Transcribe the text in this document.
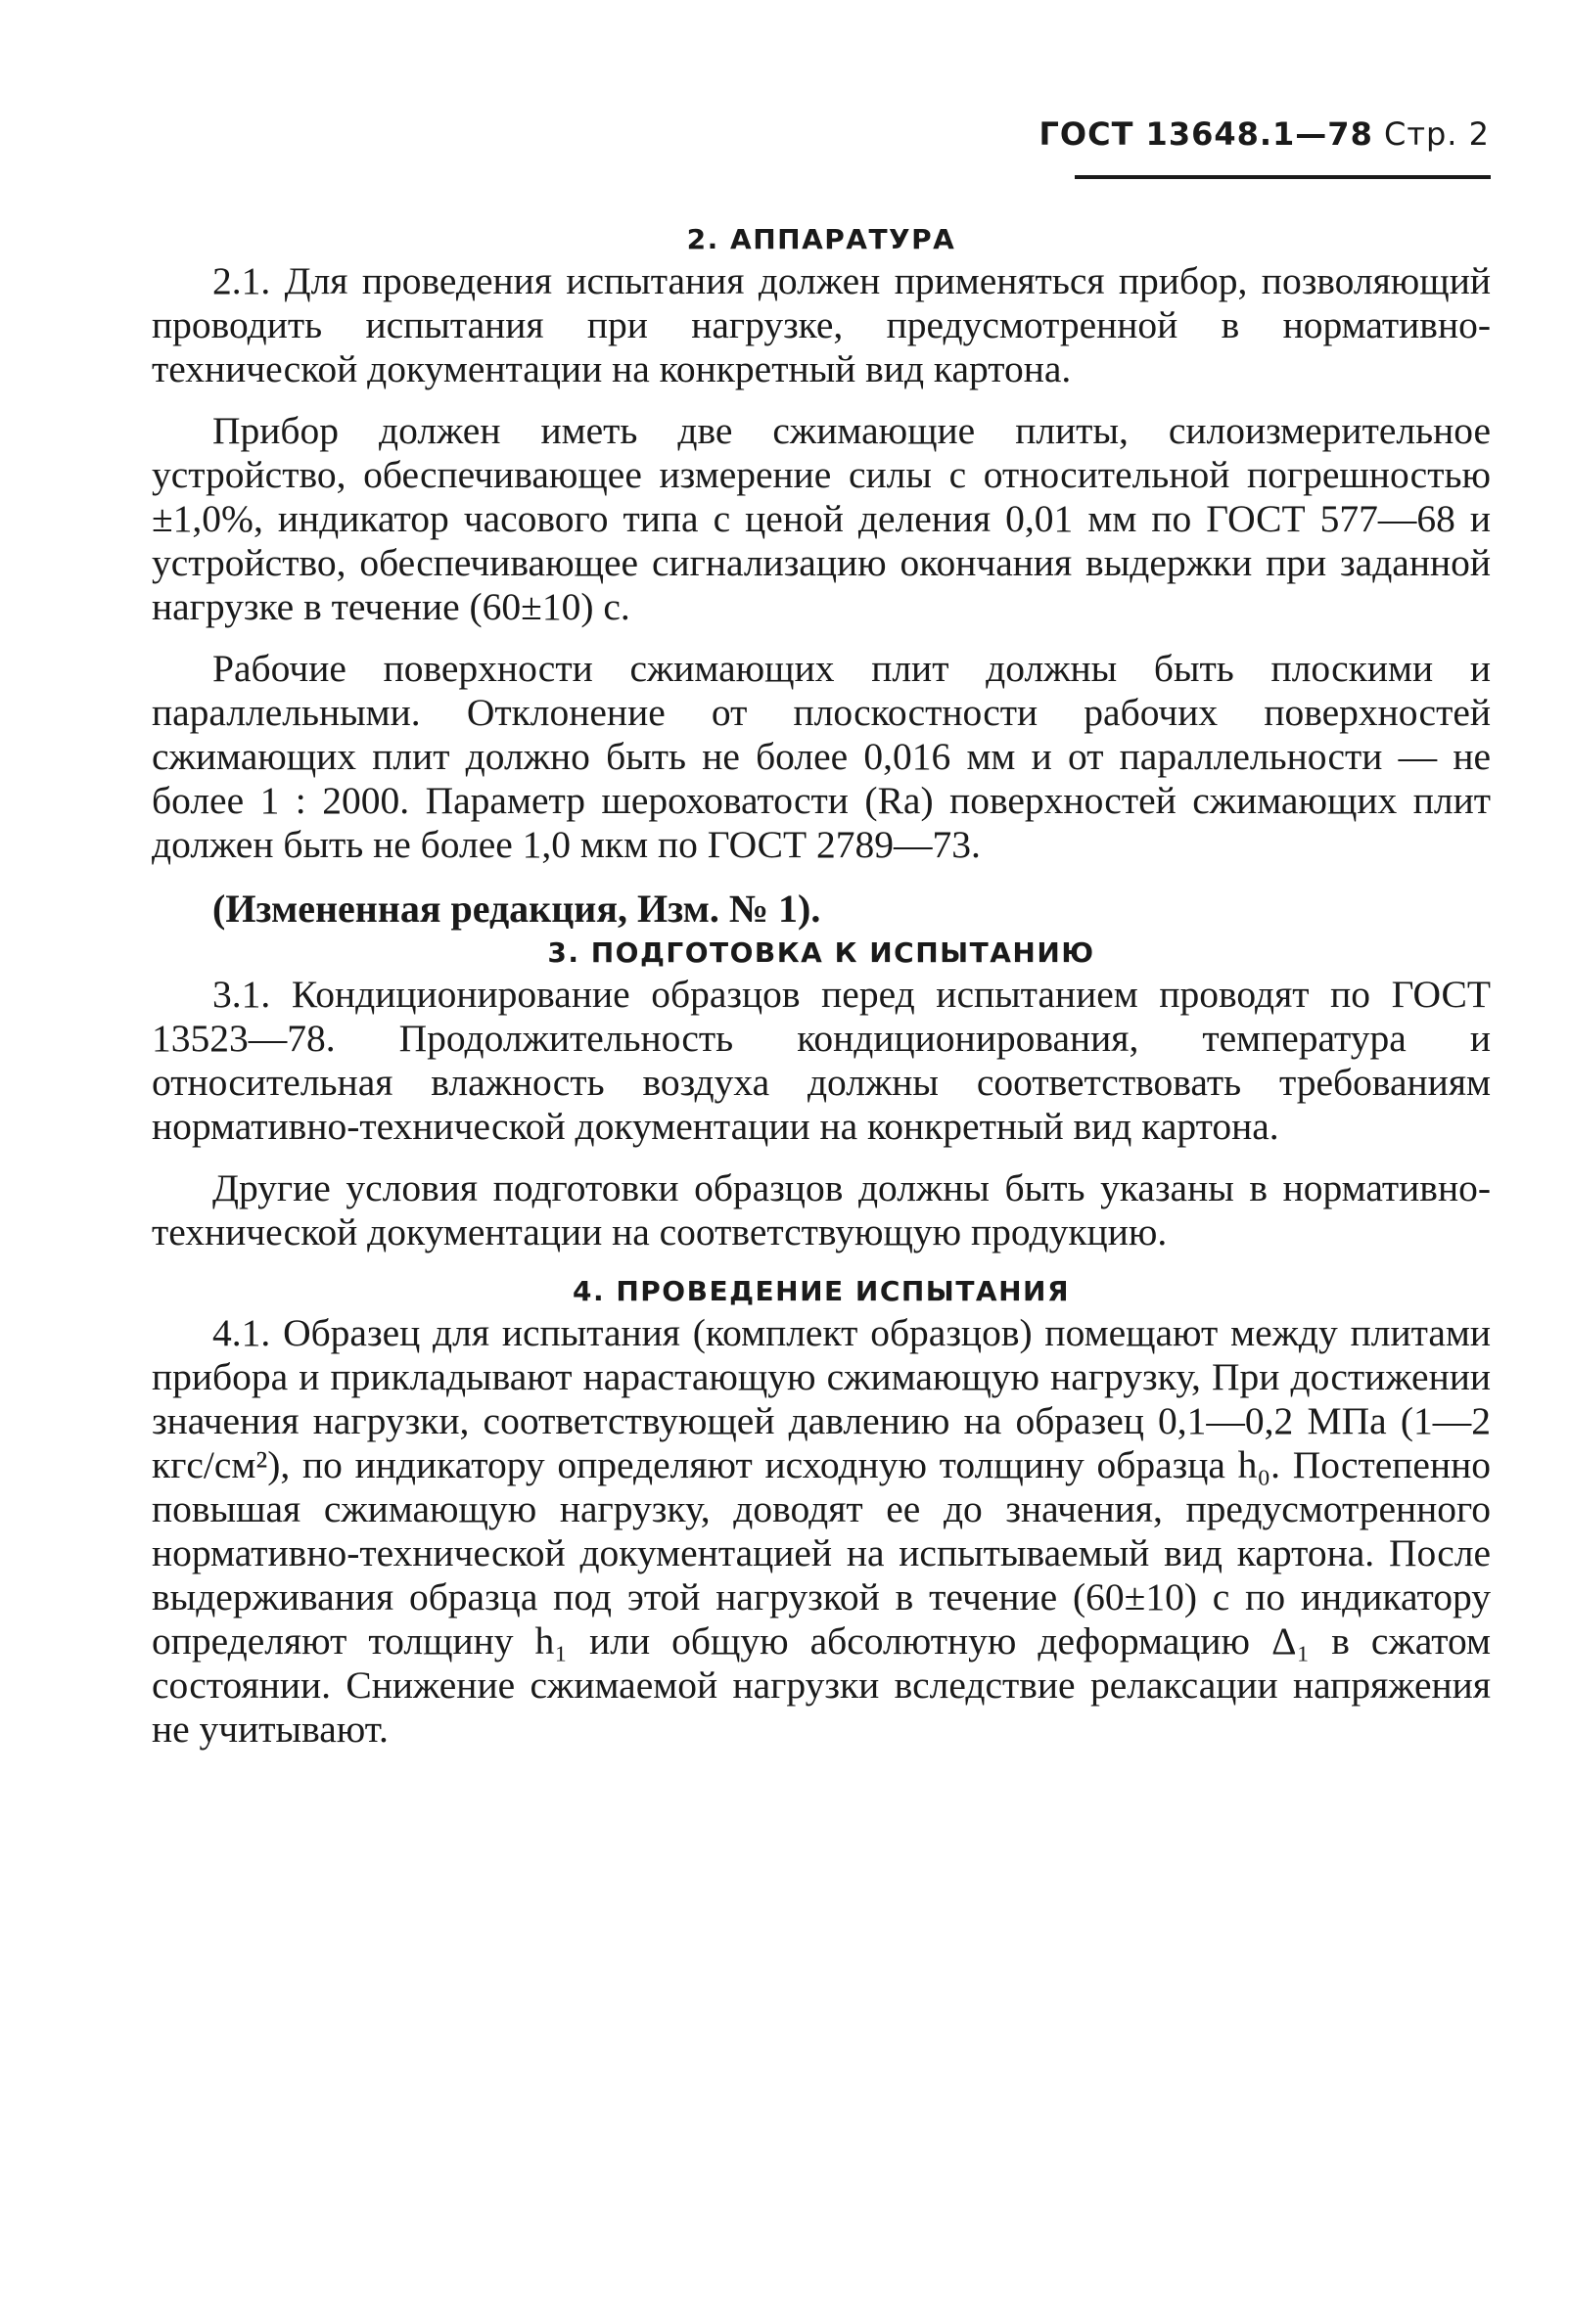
ГОСТ 13648.1—78 Стр. 2
2. АППАРАТУРА

2.1. Для проведения испытания должен применяться прибор, позволяющий проводить испытания при нагрузке, предусмотренной в нормативно-технической документации на конкретный вид картона.

Прибор должен иметь две сжимающие плиты, силоизмерительное устройство, обеспечивающее измерение силы с относительной погрешностью ±1,0%, индикатор часового типа с ценой деления 0,01 мм по ГОСТ 577—68 и устройство, обеспечивающее сигнализацию окончания выдержки при заданной нагрузке в течение (60±10) с.

Рабочие поверхности сжимающих плит должны быть плоскими и параллельными. Отклонение от плоскостности рабочих поверхностей сжимающих плит должно быть не более 0,016 мм и от параллельности — не более 1 : 2000. Параметр шероховатости (Ra) поверхностей сжимающих плит должен быть не более 1,0 мкм по ГОСТ 2789—73.

(Измененная редакция, Изм. № 1).

3. ПОДГОТОВКА К ИСПЫТАНИЮ

3.1. Кондиционирование образцов перед испытанием проводят по ГОСТ 13523—78. Продолжительность кондиционирования, температура и относительная влажность воздуха должны соответствовать требованиям нормативно-технической документации на конкретный вид картона.

Другие условия подготовки образцов должны быть указаны в нормативно-технической документации на соответствующую продукцию.

4. ПРОВЕДЕНИЕ ИСПЫТАНИЯ

4.1. Образец для испытания (комплект образцов) помещают между плитами прибора и прикладывают нарастающую сжимающую нагрузку, При достижении значения нагрузки, соответствующей давлению на образец 0,1—0,2 МПа (1—2 кгс/см²), по индикатору определяют исходную толщину образца h₀. Постепенно повышая сжимающую нагрузку, доводят ее до значения, предусмотренного нормативно-технической документацией на испытываемый вид картона. После выдерживания образца под этой нагрузкой в течение (60±10) с по индикатору определяют толщину h₁ или общую абсолютную деформацию Δ₁ в сжатом состоянии. Снижение сжимаемой нагрузки вследствие релаксации напряжения не учитывают.
